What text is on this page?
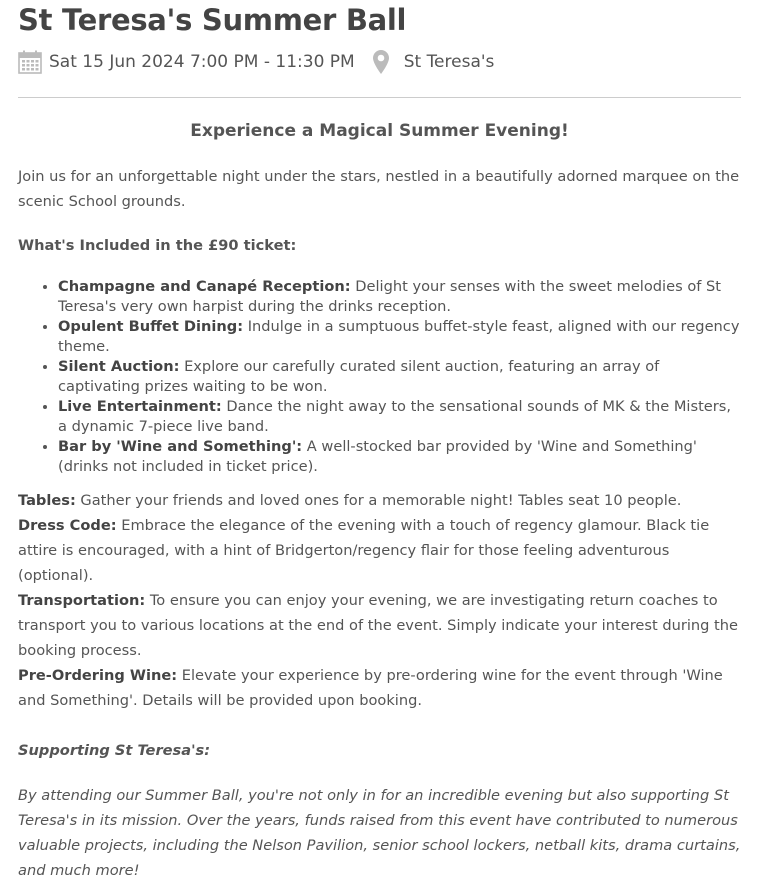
St Teresa's Summer Ball
Sat 15 Jun 2024 7:00 PM - 11:30 PM	St Teresa's
Experience a Magical Summer Evening!
Join us for an unforgettable night under the stars, nestled in a beautifully adorned marquee on the scenic School grounds.
What's Included in the £90 ticket:
• Champagne and Canapé Reception: Delight your senses with the sweet melodies of St Teresa's very own harpist during the drinks reception.
• Opulent Buffet Dining: Indulge in a sumptuous buffet-style feast, aligned with our regency theme.
• Silent Auction: Explore our carefully curated silent auction, featuring an array of captivating prizes waiting to be won.
• Live Entertainment: Dance the night away to the sensational sounds of MK & the Misters, a dynamic 7-piece live band.
• Bar by 'Wine and Something': A well-stocked bar provided by 'Wine and Something' (drinks not included in ticket price).

Tables: Gather your friends and loved ones for a memorable night! Tables seat 10 people.

Dress Code: Embrace the elegance of the evening with a touch of regency glamour. Black tie attire is encouraged, with a hint of Bridgerton/regency flair for those feeling adventurous (optional).

Transportation: To ensure you can enjoy your evening, we are investigating return coaches to transport you to various locations at the end of the event. Simply indicate your interest during the booking process.

Pre-Ordering Wine: Elevate your experience by pre-ordering wine for the event through 'Wine and Something'. Details will be provided upon booking.

Supporting St Teresa's:
By attending our Summer Ball, you're not only in for an incredible evening but also supporting St Teresa's in its mission. Over the years, funds raised from this event have contributed to numerous valuable projects, including the Nelson Pavilion, senior school lockers, netball kits, drama curtains, and much more!
